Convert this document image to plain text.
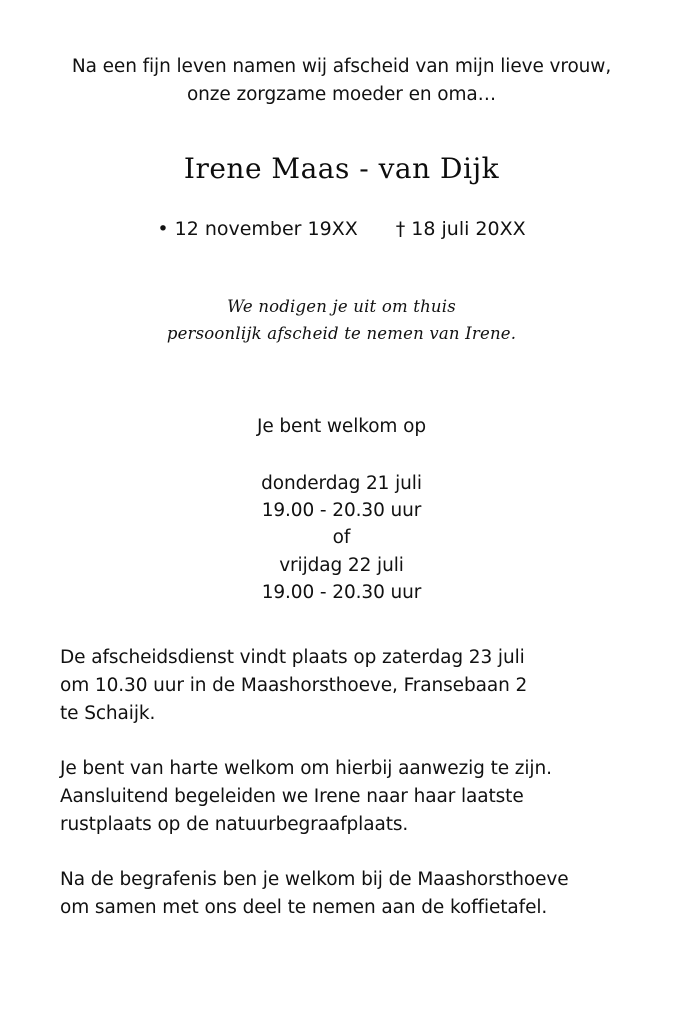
Na een fijn leven namen wij afscheid van mijn lieve vrouw,
onze zorgzame moeder en oma…
Irene Maas - van Dijk
• 12 november 19XX † 18 juli 20XX
We nodigen je uit om thuis
persoonlijk afscheid te nemen van Irene.
Je bent welkom op
donderdag 21 juli
19.00 - 20.30 uur
of
vrijdag 22 juli
19.00 - 20.30 uur
De afscheidsdienst vindt plaats op zaterdag 23 juli
om 10.30 uur in de Maashorsthoeve, Fransebaan 2
te Schaijk.
Je bent van harte welkom om hierbij aanwezig te zijn.
Aansluitend begeleiden we Irene naar haar laatste
rustplaats op de natuurbegraafplaats.
Na de begrafenis ben je welkom bij de Maashorsthoeve
om samen met ons deel te nemen aan de koffietafel.
